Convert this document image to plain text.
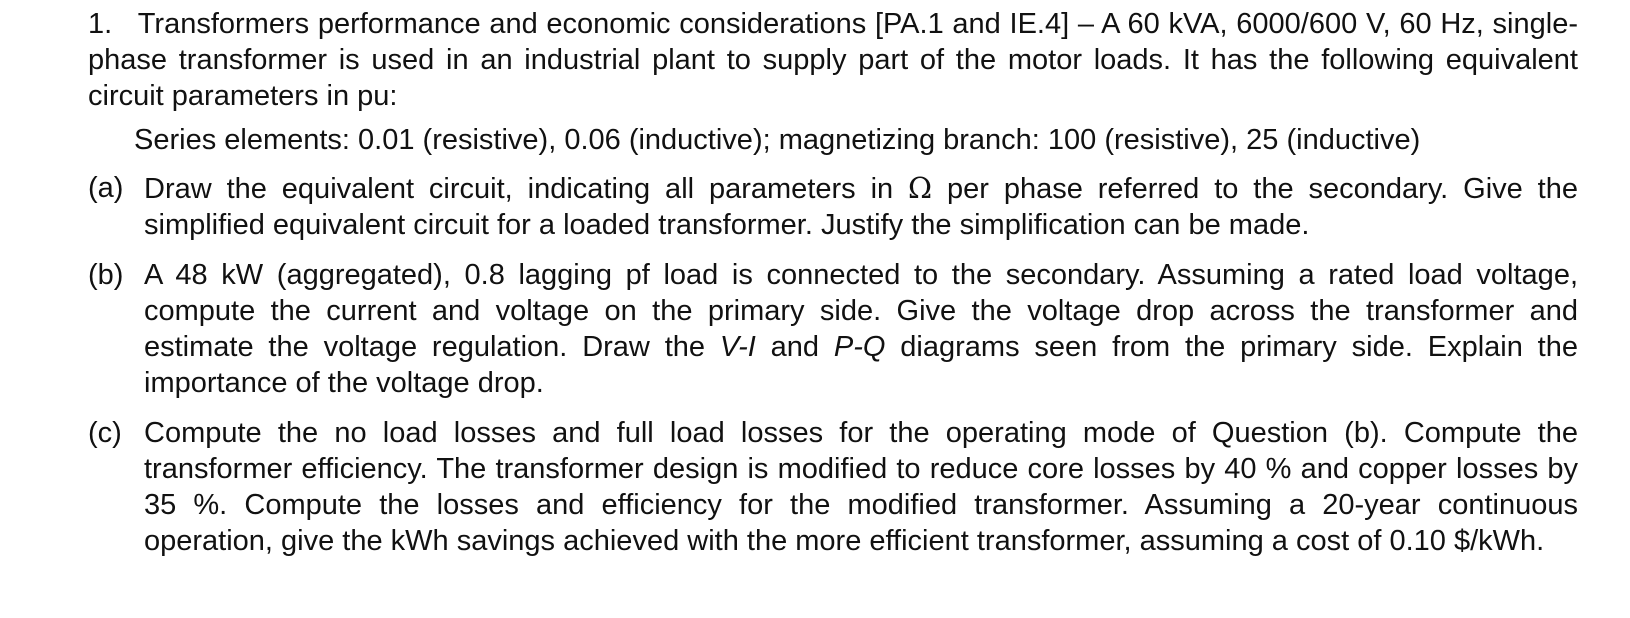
1. Transformers performance and economic considerations [PA.1 and IE.4] – A 60 kVA, 6000/600 V, 60 Hz, single-phase transformer is used in an industrial plant to supply part of the motor loads. It has the following equivalent circuit parameters in pu:

Series elements: 0.01 (resistive), 0.06 (inductive); magnetizing branch: 100 (resistive), 25 (inductive)
(a) Draw the equivalent circuit, indicating all parameters in Ω per phase referred to the secondary. Give the simplified equivalent circuit for a loaded transformer. Justify the simplification can be made.
(b) A 48 kW (aggregated), 0.8 lagging pf load is connected to the secondary. Assuming a rated load voltage, compute the current and voltage on the primary side. Give the voltage drop across the transformer and estimate the voltage regulation. Draw the V-I and P-Q diagrams seen from the primary side. Explain the importance of the voltage drop.
(c) Compute the no load losses and full load losses for the operating mode of Question (b). Compute the transformer efficiency. The transformer design is modified to reduce core losses by 40 % and copper losses by 35 %. Compute the losses and efficiency for the modified transformer. Assuming a 20-year continuous operation, give the kWh savings achieved with the more efficient transformer, assuming a cost of 0.10 $/kWh.
